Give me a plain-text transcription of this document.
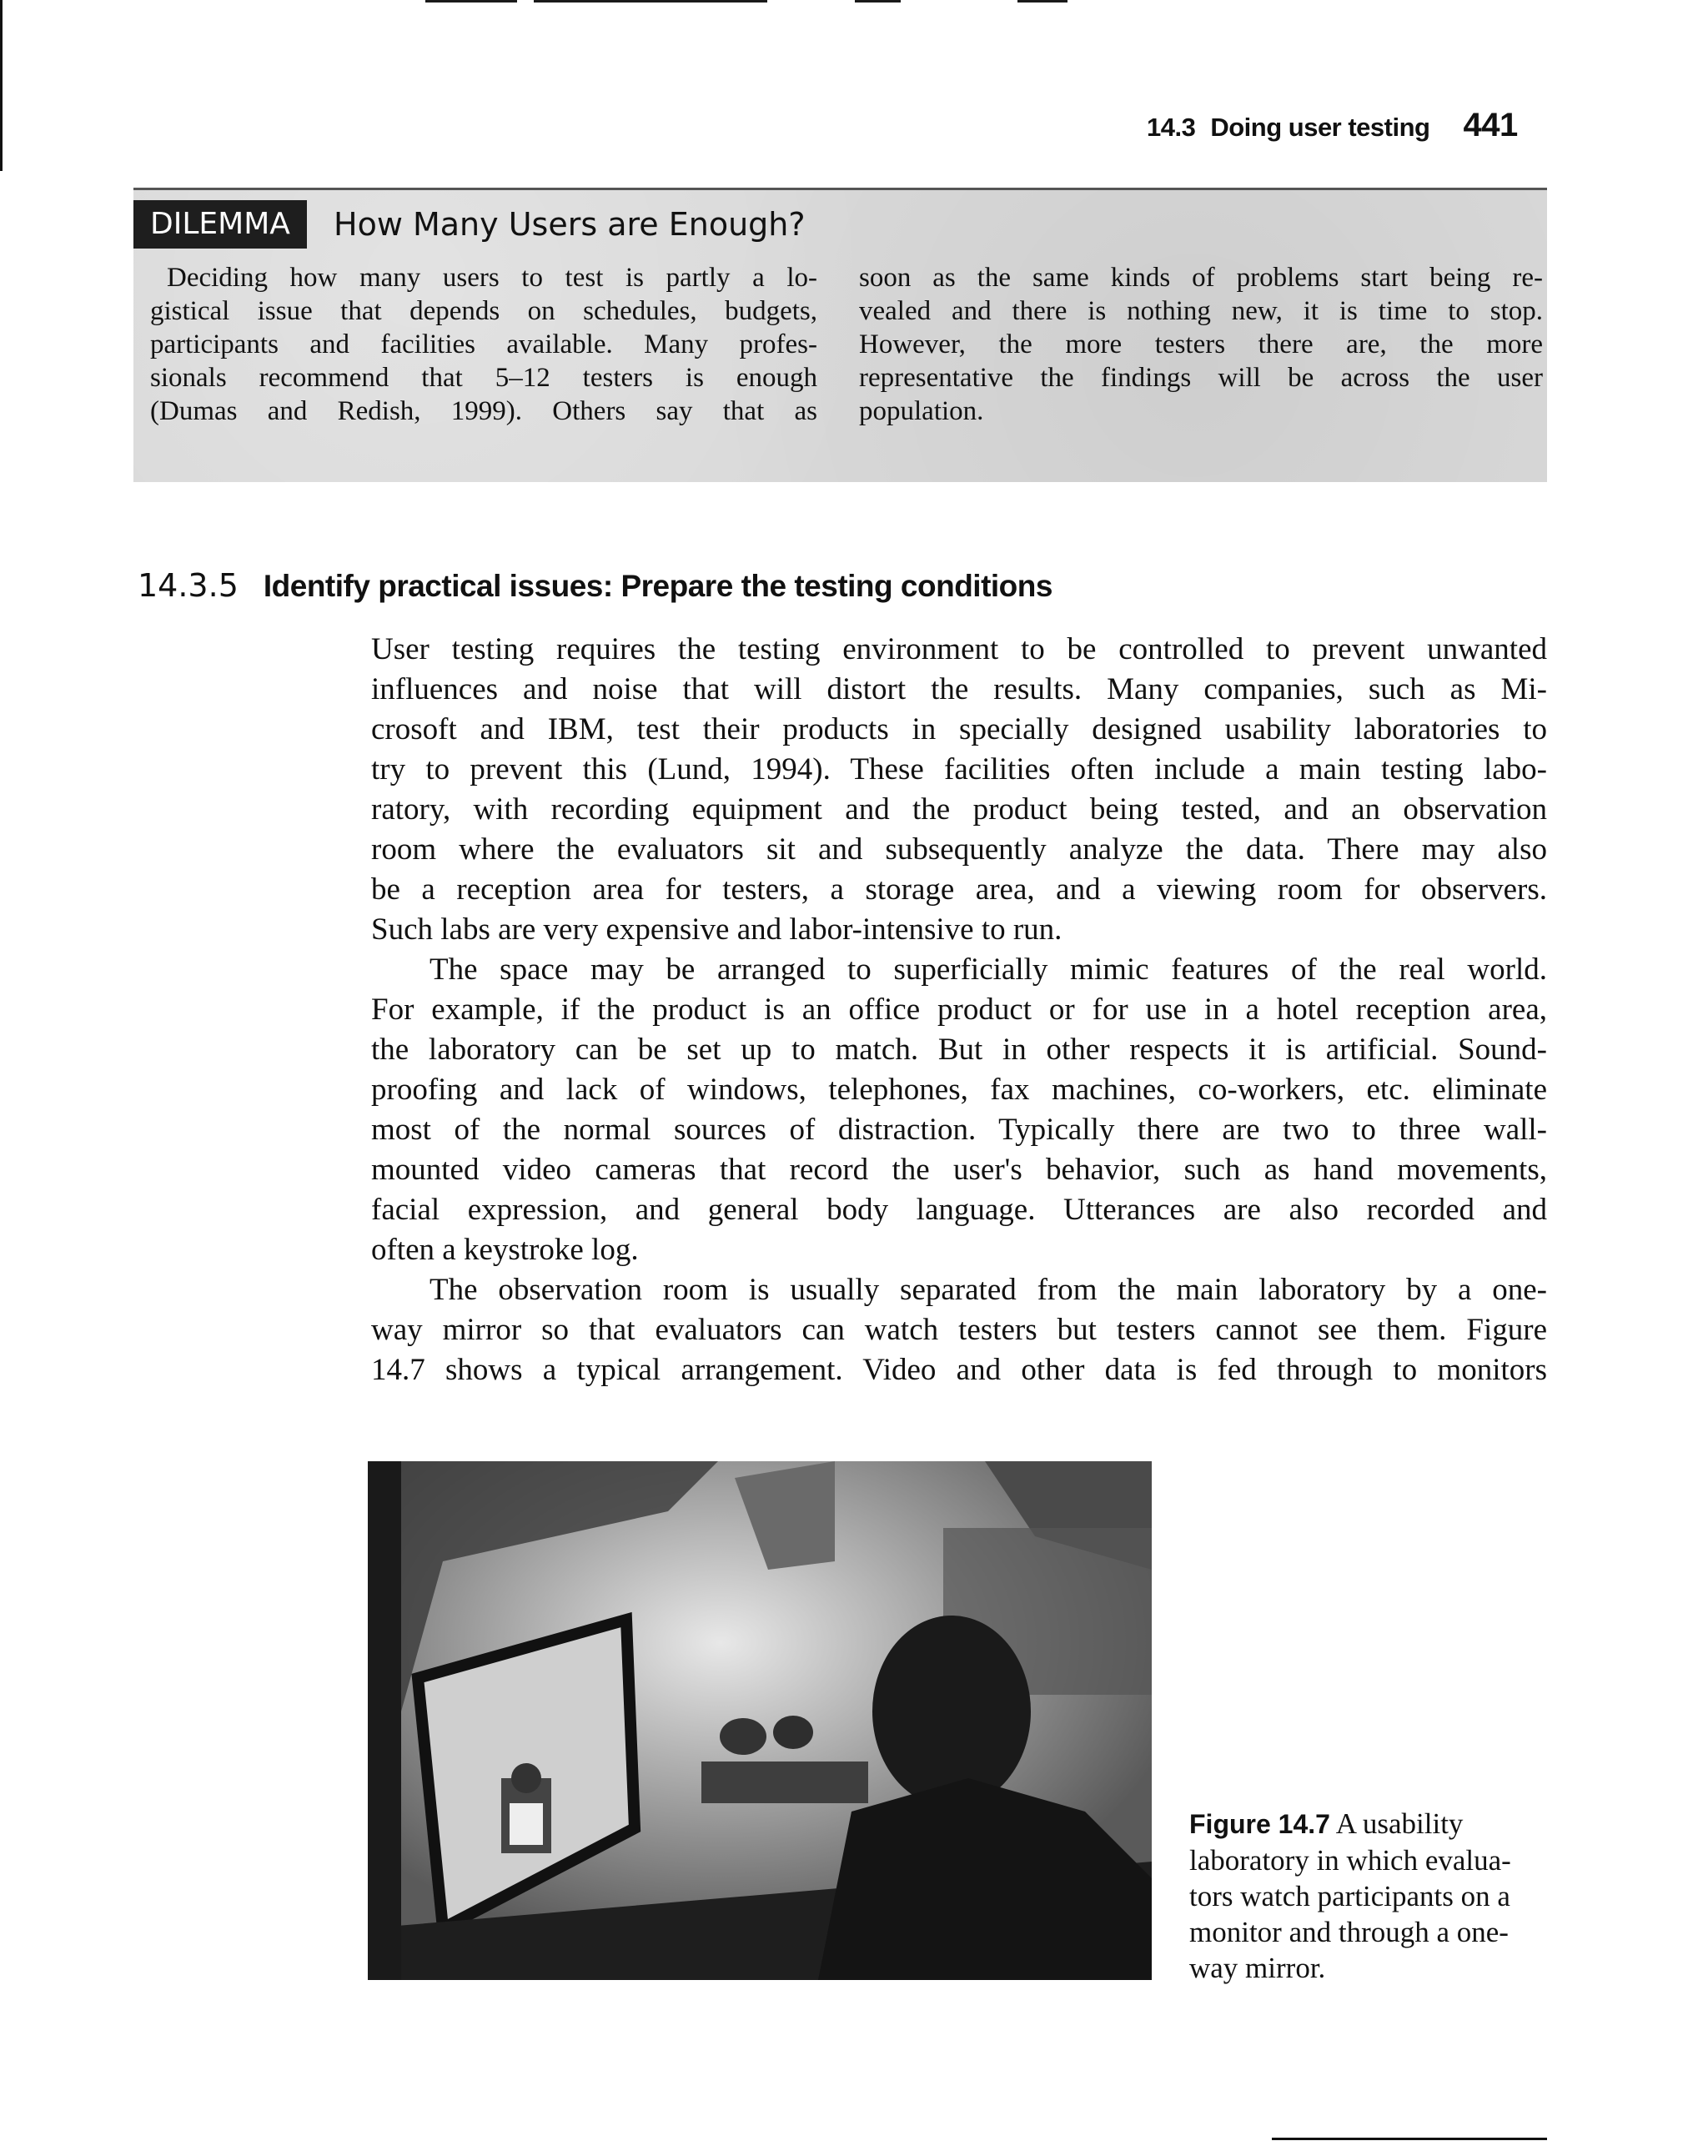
14.3 Doing user testing 441
DILEMMA	How Many Users are Enough?
Deciding how many users to test is partly a lo-
gistical issue that depends on schedules, budgets,
participants and facilities available. Many profes-
sionals recommend that 5–12 testers is enough
(Dumas and Redish, 1999). Others say that as
soon as the same kinds of problems start being re-
vealed and there is nothing new, it is time to stop.
However, the more testers there are, the more
representative the findings will be across the user
population.
14.3.5 Identify practical issues: Prepare the testing conditions
User testing requires the testing environment to be controlled to prevent unwanted
influences and noise that will distort the results. Many companies, such as Mi-
crosoft and IBM, test their products in specially designed usability laboratories to
try to prevent this (Lund, 1994). These facilities often include a main testing labo-
ratory, with recording equipment and the product being tested, and an observation
room where the evaluators sit and subsequently analyze the data. There may also
be a reception area for testers, a storage area, and a viewing room for observers.
Such labs are very expensive and labor-intensive to run.
The space may be arranged to superficially mimic features of the real world.
For example, if the product is an office product or for use in a hotel reception area,
the laboratory can be set up to match. But in other respects it is artificial. Sound-
proofing and lack of windows, telephones, fax machines, co-workers, etc. eliminate
most of the normal sources of distraction. Typically there are two to three wall-
mounted video cameras that record the user's behavior, such as hand movements,
facial expression, and general body language. Utterances are also recorded and
often a keystroke log.
The observation room is usually separated from the main laboratory by a one-
way mirror so that evaluators can watch testers but testers cannot see them. Figure
14.7 shows a typical arrangement. Video and other data is fed through to monitors
Figure 14.7 A usability
laboratory in which evalua-
tors watch participants on a
monitor and through a one-
way mirror.
